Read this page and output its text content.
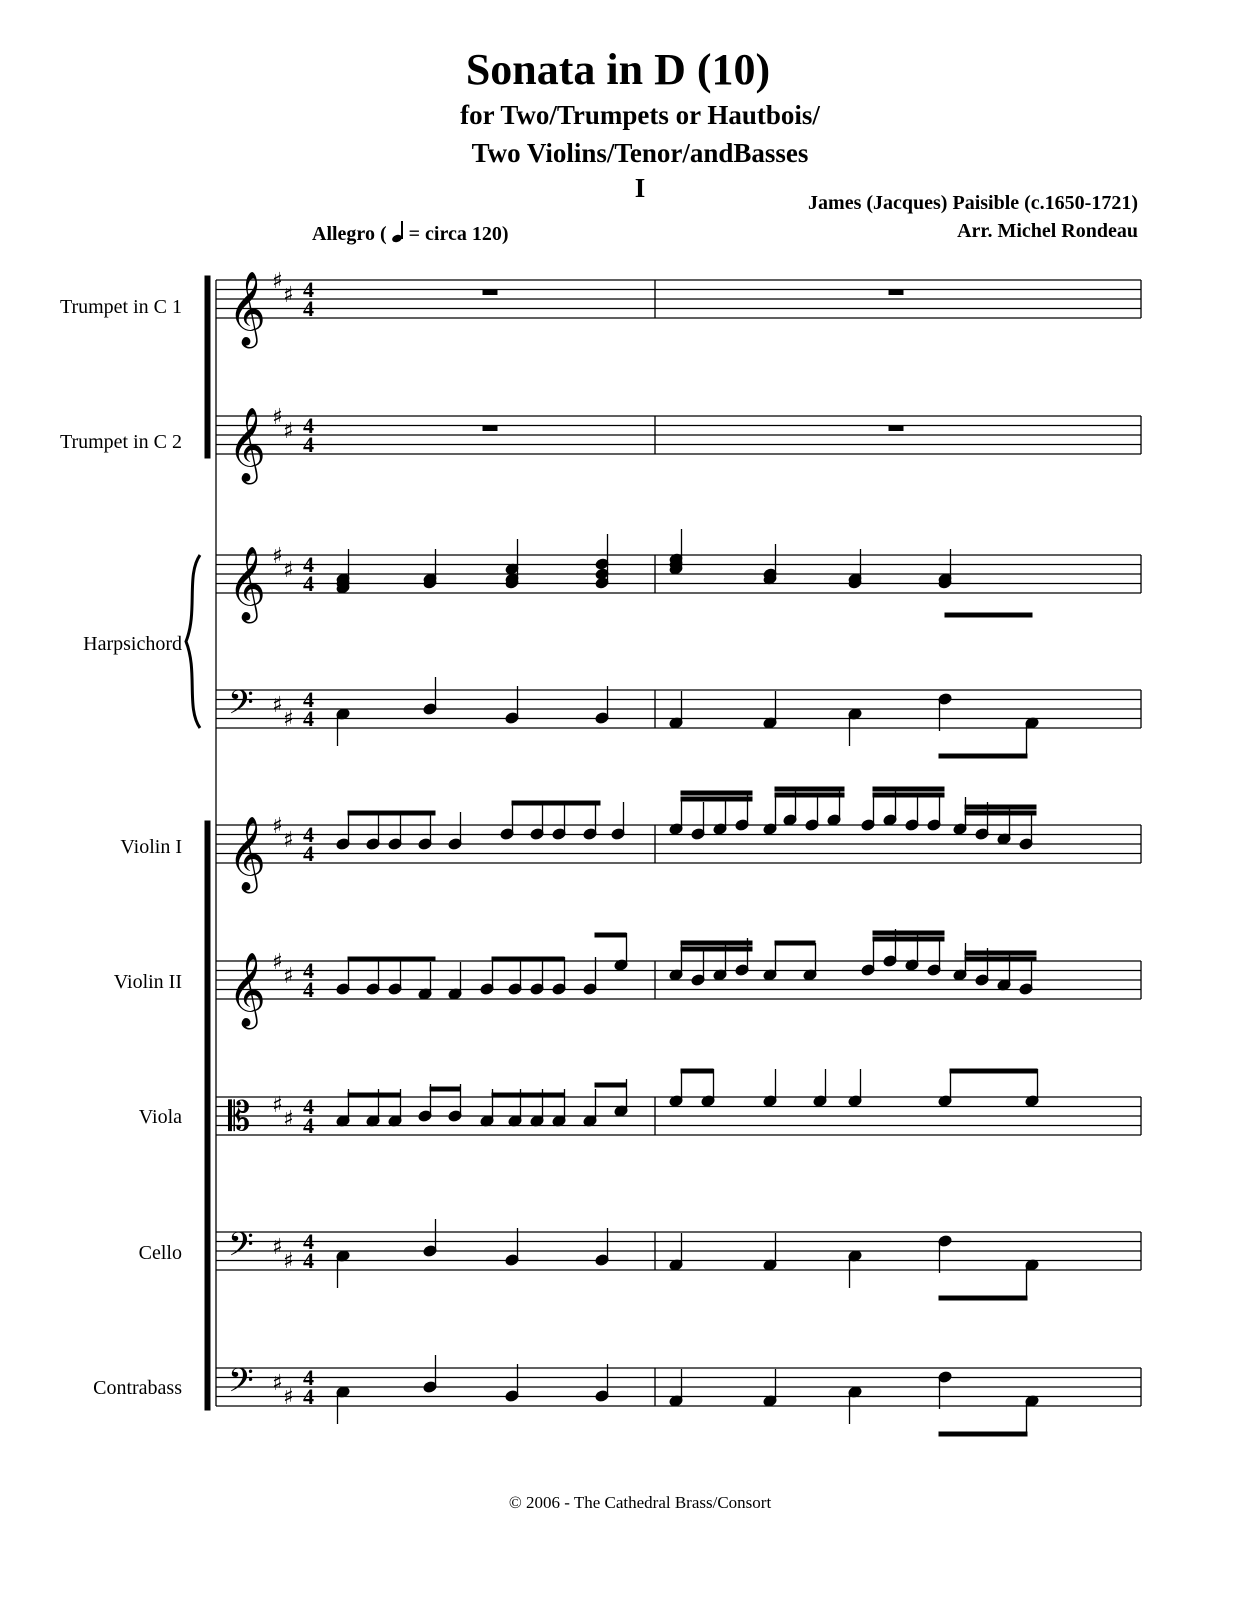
Sonata in D (10)
for Two/Trumpets or Hautbois/
Two Violins/Tenor/andBasses
I	James (Jacques) Paisible (c.1650-1721)
Arr. Michel Rondeau
Allegro ( = circa 120)
Trumpet in C 1
Trumpet in C 2
Harpsichord
Violin I
Violin II
Viola
Cello
Contrabass
𝄞 ♯
♯ 4
4
𝄞 ♯
♯ 4
4
𝄞 ♯
♯ 4
4
𝄢 ♯
♯
4
4
𝄞 ♯
♯ 4
4
𝄞 ♯
♯ 4
4
𝄡 ♯
♯
4
4
𝄢 ♯
♯
4
4
𝄢 ♯
♯
4
4
© 2006 - The Cathedral Brass/Consort
